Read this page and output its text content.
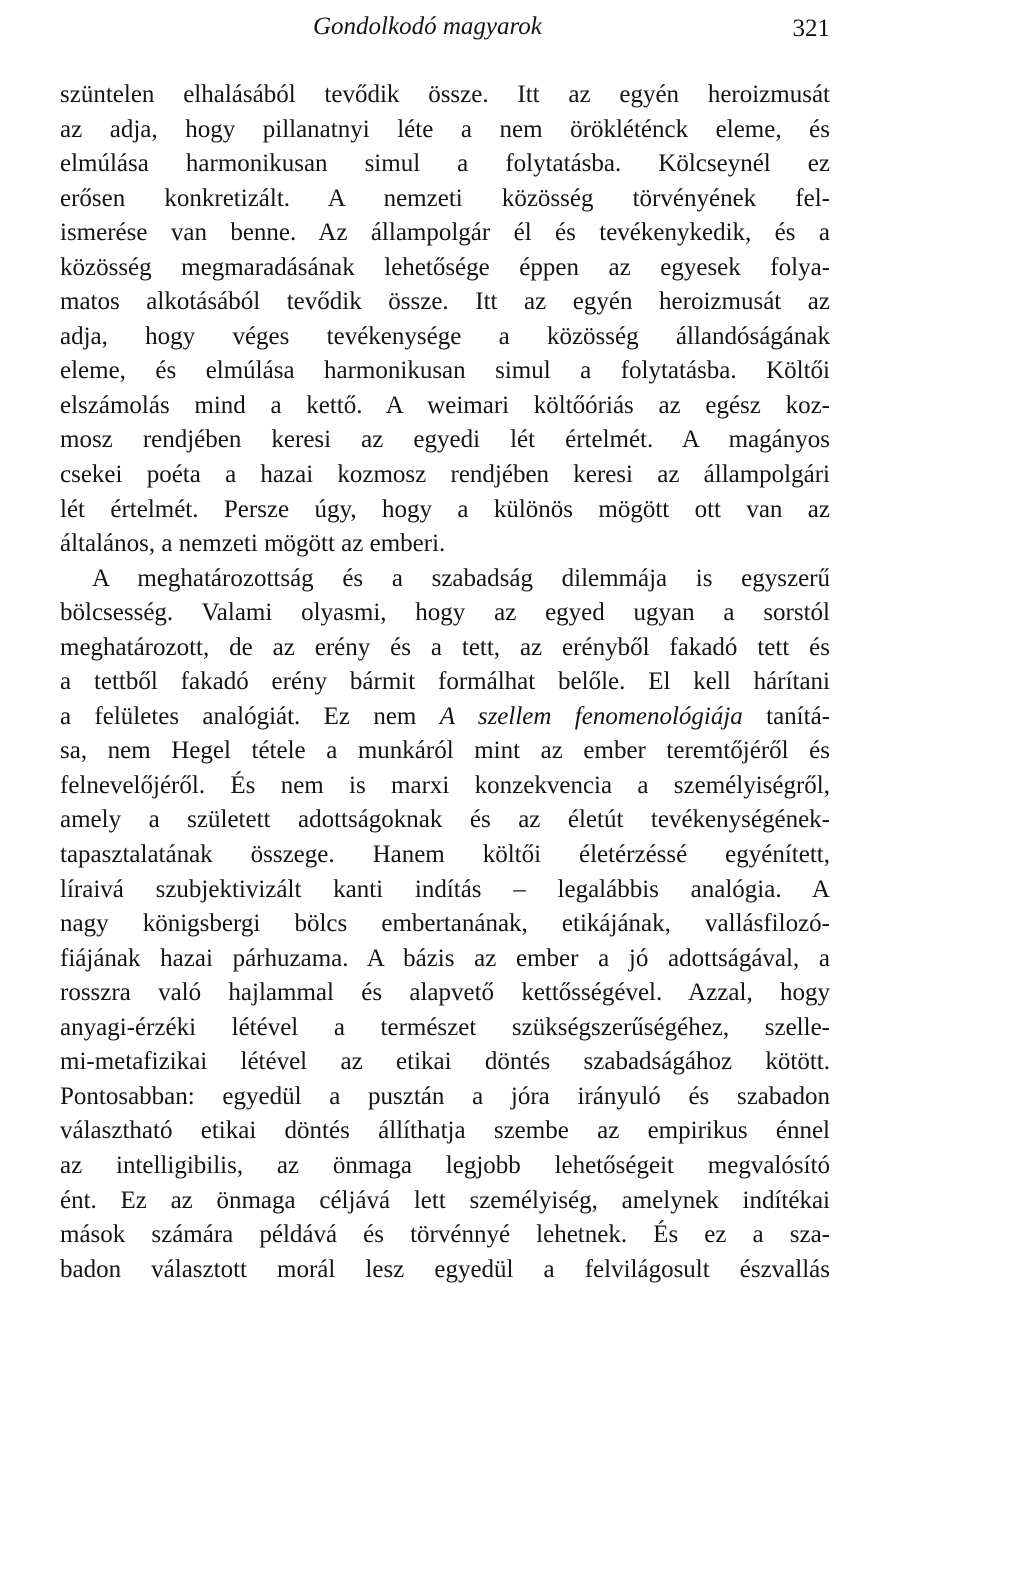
Gondolkodó magyarok	321
szüntelen elhalásából tevődik össze. Itt az egyén heroizmusát
az adja, hogy pillanatnyi léte a nem örökléténck eleme, és
elmúlása harmonikusan simul a folytatásba. Kölcseynél ez
erősen konkretizált. A nemzeti közösség törvényének fel-
ismerése van benne. Az állampolgár él és tevékenykedik, és a
közösség megmaradásának lehetősége éppen az egyesek folya-
matos alkotásából tevődik össze. Itt az egyén heroizmusát az
adja, hogy véges tevékenysége a közösség állandóságának
eleme, és elmúlása harmonikusan simul a folytatásba. Költői
elszámolás mind a kettő. A weimari költőóriás az egész koz-
mosz rendjében keresi az egyedi lét értelmét. A magányos
csekei poéta a hazai kozmosz rendjében keresi az állampolgári
lét értelmét. Persze úgy, hogy a különös mögött ott van az
általános, a nemzeti mögött az emberi.
A meghatározottság és a szabadság dilemmája is egyszerű
bölcsesség. Valami olyasmi, hogy az egyed ugyan a sorstól
meghatározott, de az erény és a tett, az erényből fakadó tett és
a tettből fakadó erény bármit formálhat belőle. El kell hárítani
a felületes analógiát. Ez nem A szellem fenomenológiája tanítá-
sa, nem Hegel tétele a munkáról mint az ember teremtőjéről és
felnevelőjéről. És nem is marxi konzekvencia a személyiségről,
amely a született adottságoknak és az életút tevékenységének-
tapasztalatának összege. Hanem költői életérzéssé egyénített,
líraivá szubjektivizált kanti indítás – legalábbis analógia. A
nagy königsbergi bölcs embertanának, etikájának, vallásfilozó-
fiájának hazai párhuzama. A bázis az ember a jó adottságával, a
rosszra való hajlammal és alapvető kettősségével. Azzal, hogy
anyagi-érzéki létével a természet szükségszerűségéhez, szelle-
mi-metafizikai létével az etikai döntés szabadságához kötött.
Pontosabban: egyedül a pusztán a jóra irányuló és szabadon
választható etikai döntés állíthatja szembe az empirikus énnel
az intelligibilis, az önmaga legjobb lehetőségeit megvalósító
ént. Ez az önmaga céljává lett személyiség, amelynek indítékai
mások számára példává és törvénnyé lehetnek. És ez a sza-
badon választott morál lesz egyedül a felvilágosult észvallás
